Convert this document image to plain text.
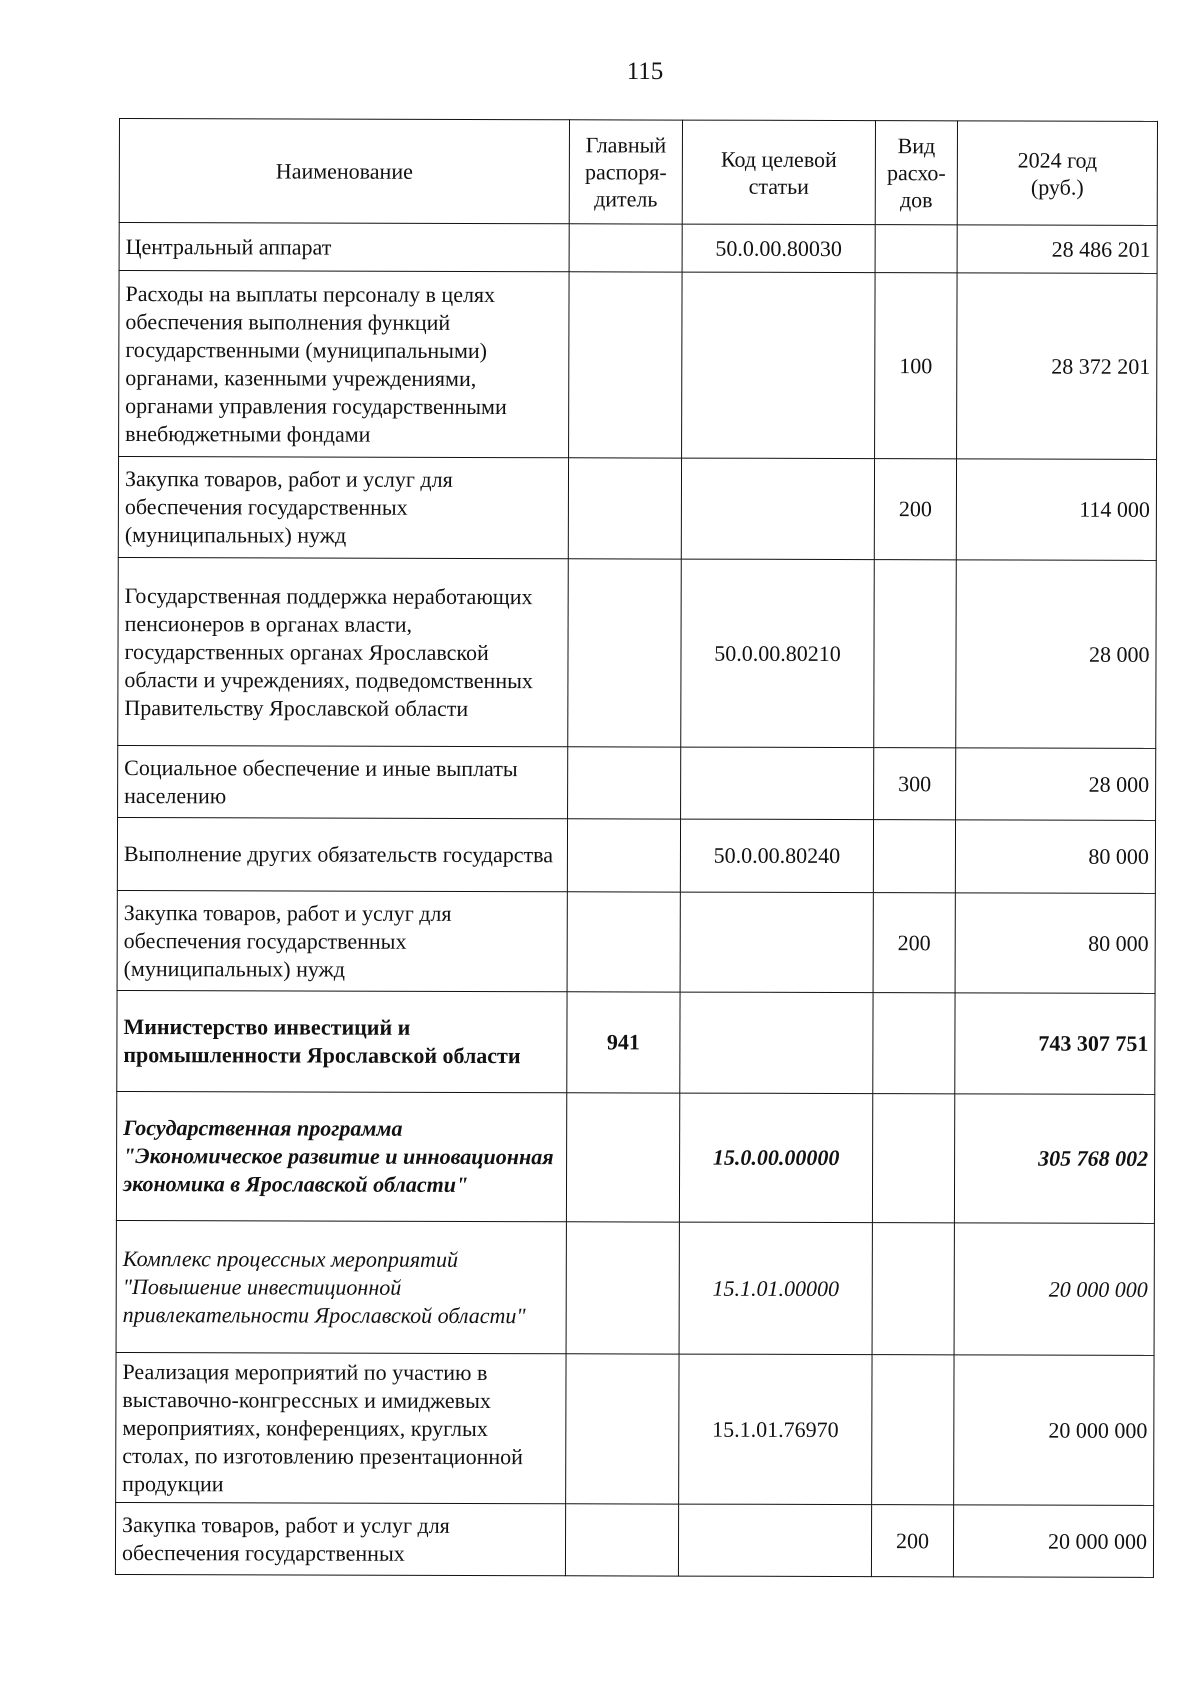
115
Наименование	Главный
распоря-
дитель	Код целевой
статьи	Вид
расхо-
дов	2024 год
(руб.)
Центральный аппарат		50.0.00.80030		28 486 201
Расходы на выплаты персоналу в целях обеспечения выполнения функций государственными (муниципальными) органами, казенными учреждениями, органами управления государственными внебюджетными фондами			100	28 372 201
Закупка товаров, работ и услуг для обеспечения государственных (муниципальных) нужд			200	114 000
Государственная поддержка неработающих пенсионеров в органах власти, государственных органах Ярославской области и учреждениях, подведомственных Правительству Ярославской области		50.0.00.80210		28 000
Социальное обеспечение и иные выплаты населению			300	28 000
Выполнение других обязательств государства		50.0.00.80240		80 000
Закупка товаров, работ и услуг для обеспечения государственных (муниципальных) нужд			200	80 000
Министерство инвестиций и промышленности Ярославской области	941			743 307 751
Государственная программа "Экономическое развитие и инновационная экономика в Ярославской области"		15.0.00.00000		305 768 002
Комплекс процессных мероприятий "Повышение инвестиционной привлекательности Ярославской области"		15.1.01.00000		20 000 000
Реализация мероприятий по участию в выставочно-конгрессных и имиджевых мероприятиях, конференциях, круглых столах, по изготовлению презентационной продукции		15.1.01.76970		20 000 000
Закупка товаров, работ и услуг для обеспечения государственных			200	20 000 000
